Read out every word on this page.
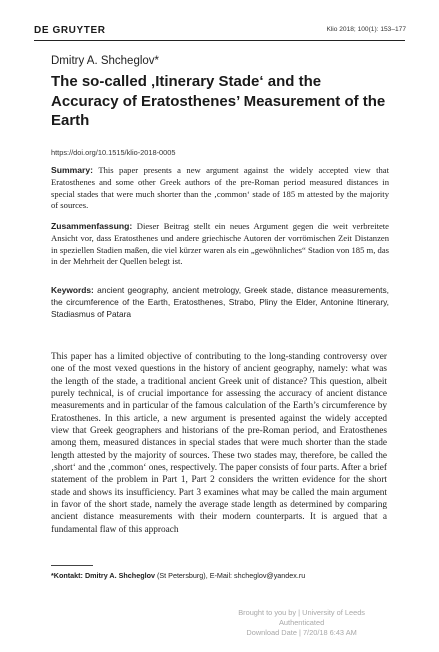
DE GRUYTER	Klio 2018; 100(1): 153–177
Dmitry A. Shcheglov*
The so-called ‚Itinerary Stade‘ and the Accuracy of Eratosthenes’ Measurement of the Earth
https://doi.org/10.1515/klio-2018-0005
Summary: This paper presents a new argument against the widely accepted view that Eratosthenes and some other Greek authors of the pre-Roman period measured distances in special stades that were much shorter than the ‚common‘ stade of 185 m attested by the majority of sources.
Zusammenfassung: Dieser Beitrag stellt ein neues Argument gegen die weit verbreitete Ansicht vor, dass Eratosthenes und andere griechische Autoren der vorrömischen Zeit Distanzen in speziellen Stadien maßen, die viel kürzer waren als ein „gewöhnliches“ Stadion von 185 m, das in der Mehrheit der Quellen belegt ist.
Keywords: ancient geography, ancient metrology, Greek stade, distance measurements, the circumference of the Earth, Eratosthenes, Strabo, Pliny the Elder, Antonine Itinerary, Stadiasmus of Patara
This paper has a limited objective of contributing to the long-standing controversy over one of the most vexed questions in the history of ancient geography, namely: what was the length of the stade, a traditional ancient Greek unit of distance? This question, albeit purely technical, is of crucial importance for assessing the accuracy of ancient distance measurements and in particular of the famous calculation of the Earth’s circumference by Eratosthenes. In this article, a new argument is presented against the widely accepted view that Greek geographers and historians of the pre-Roman period, and Eratosthenes among them, measured distances in special stades that were much shorter than the stade length attested by the majority of sources. These two stades may, therefore, be called the ‚short‘ and the ‚common‘ ones, respectively. The paper consists of four parts. After a brief statement of the problem in Part 1, Part 2 considers the written evidence for the short stade and shows its insufficiency. Part 3 examines what may be called the main argument in favor of the short stade, namely the average stade length as determined by comparing ancient distance measurements with their modern counterparts. It is argued that a fundamental flaw of this approach
*Kontakt: Dmitry A. Shcheglov (St Petersburg), E-Mail: shcheglov@yandex.ru
Brought to you by | University of Leeds
Authenticated
Download Date | 7/20/18 6:43 AM
